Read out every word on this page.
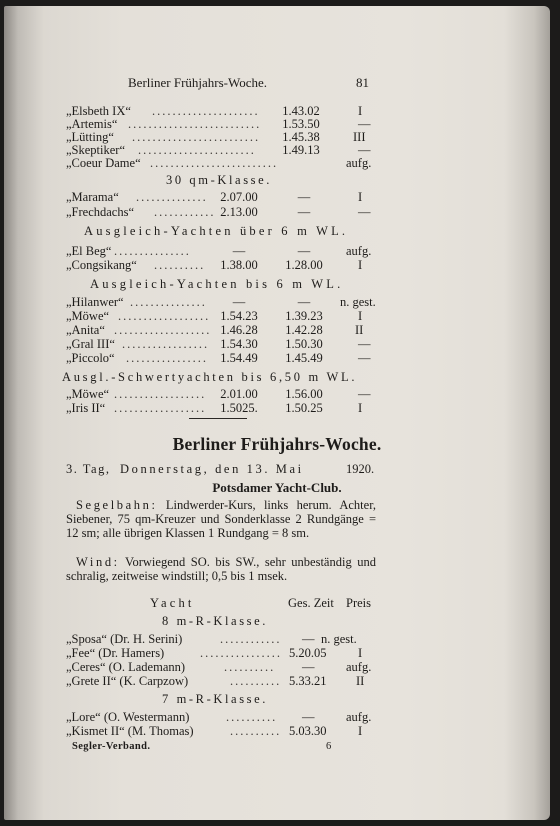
Berliner Frühjahrs-Woche.	81
„Elsbeth IX“ .....................	1.43.02	I
„Artemis“ ..........................	1.53.50	—
„Lütting“ .........................	1.45.38	III
„Skeptiker“ .......................	1.49.13	—
„Coeur Dame“ .........................	aufg.
30 qm-Klasse.
„Marama“ ..............	2.07.00	—	I
„Frechdachs“ ............ 2.13.00	—	—
Ausgleich-Yachten über 6 m WL.
„El Beg“ ...............	—	—	aufg.
„Congsikang“ ..........	1.38.00	1.28.00	I
Ausgleich-Yachten bis 6 m WL.
„Hilanwer“ ...............	—	—	n. gest.
„Möwe“ .................. 1.54.23	1.39.23	I
„Anita“ ................... 1.46.28	1.42.28	II
„Gral III“ ................. 1.54.30	1.50.30	—
„Piccolo“ ................ 1.54.49	1.45.49	—
Ausgl.-Schwertyachten bis 6,50 m WL.
„Möwe“ ..................	2.01.00	1.56.00	—
„Iris II“ ..................	1.5025.	1.50.25	I
Berliner Frühjahrs-Woche.
3. Tag, Donnerstag, den 13. Mai	1920.
Potsdamer Yacht-Club.
Segelbahn: Lindwerder-Kurs, links herum. Achter, Siebener, 75 qm-Kreuzer und Sonderklasse 2 Rundgänge = 12 sm; alle übrigen Klassen 1 Rundgang = 8 sm.
Wind: Vorwiegend SO. bis SW., sehr unbeständig und schralig, zeitweise windstill; 0,5 bis 1 msek.
Yacht	Ges. Zeit Preis
8 m-R-Klasse.
„Sposa“ (Dr. H. Serini)	............ — n. gest.
„Fee“ (Dr. Hamers)	................ 5.20.05	I
„Ceres“ (O. Lademann)	.......... —	aufg.
„Grete II“ (K. Carpzow)	.......... 5.33.21 II
7 m-R-Klasse.
„Lore“ (O. Westermann)	.......... —	aufg.
„Kismet II“ (M. Thomas)	.......... 5.03.30	I
Segler-Verband.	6
